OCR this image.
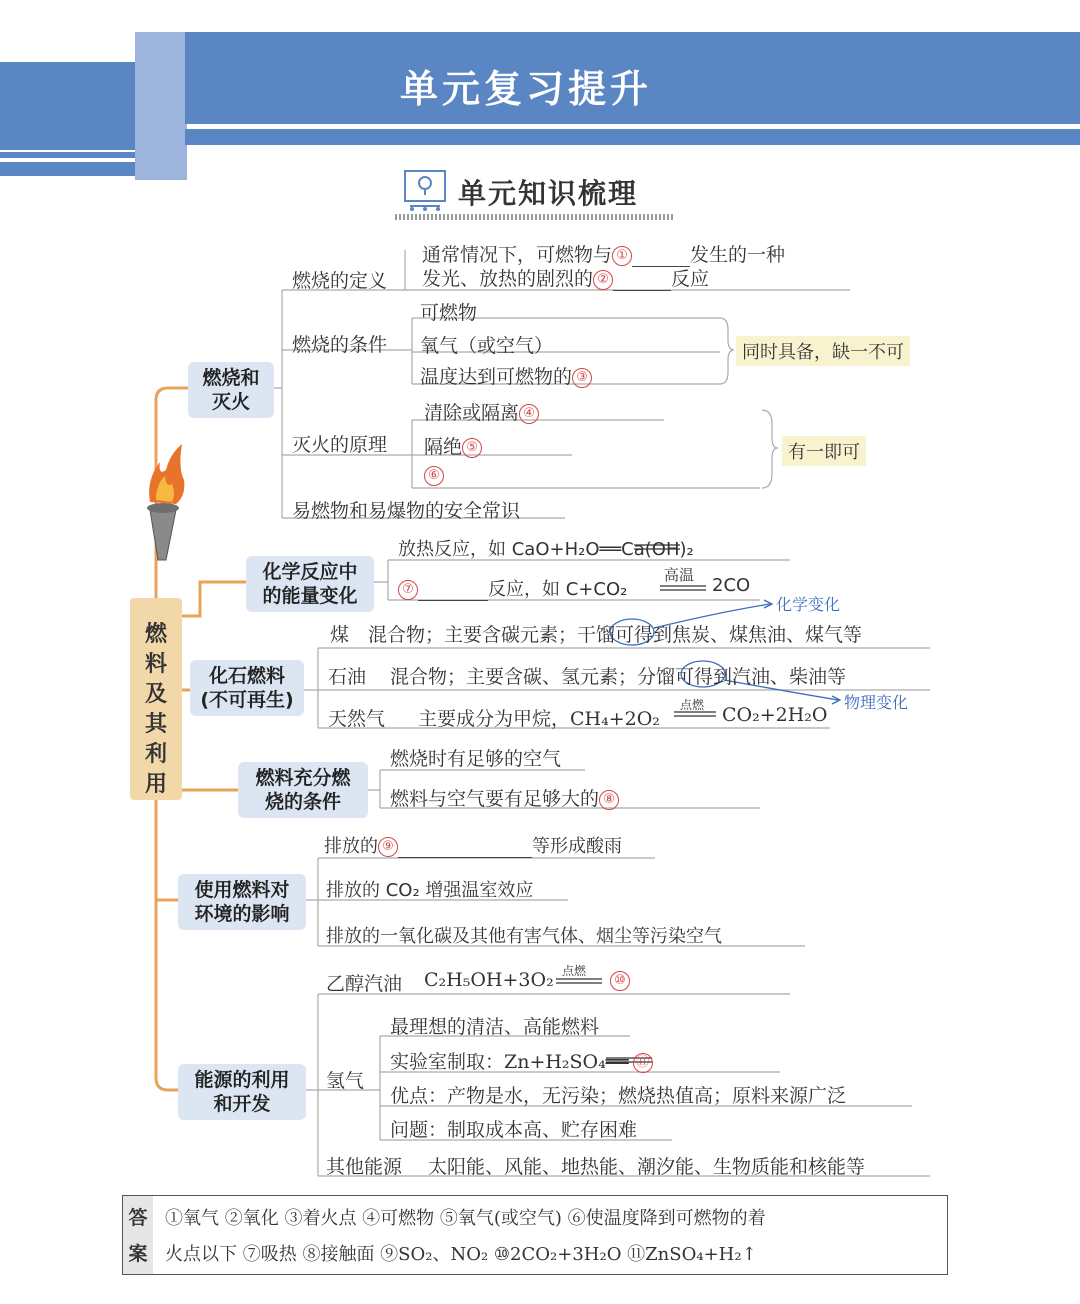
单元复习提升
单元知识梳理
燃料及其利用
燃烧和
灭火
燃烧的定义
通常情况下，可燃物与 ①	发生的一种
发光、放热的剧烈的 ②	反应
燃烧的条件
可燃物
氧气（或空气）
温度达到可燃物的 ③
同时具备，缺一不可
灭火的原理
清除或隔离 ④
隔绝 ⑤
⑥
有一即可
易燃物和易爆物的安全常识
化学反应中
的能量变化
放热反应，如 CaO+H₂O══Ca(OH)₂
⑦	反应，如 C+CO₂
高温 2CO
化石燃料
(不可再生)
煤 混合物；主要含碳元素；干馏可得到焦炭、煤焦油、煤气等
石油 混合物；主要含碳、氢元素；分馏可得到汽油、柴油等
天然气 主要成分为甲烷，CH₄+2O₂
点燃 CO₂+2H₂O
化学变化
物理变化
燃料充分燃
烧的条件
燃烧时有足够的空气
燃料与空气要有足够大的 ⑧
使用燃料对
环境的影响
排放的 ⑨	等形成酸雨
排放的 CO₂ 增强温室效应
排放的一氧化碳及其他有害气体、烟尘等污染空气
能源的利用
和开发
乙醇汽油 C₂H₅OH+3O₂ 点燃
⑩
氢气
最理想的清洁、高能燃料
实验室制取：Zn+H₂SO₄══ ⑪
优点：产物是水，无污染；燃烧热值高；原料来源广泛
问题：制取成本高、贮存困难
其他能源 太阳能、风能、地热能、潮汐能、生物质能和核能等
答
案
①氧气 ②氧化 ③着火点 ④可燃物 ⑤氧气(或空气) ⑥使温度降到可燃物的着
火点以下 ⑦吸热 ⑧接触面 ⑨SO₂、NO₂ ⑩2CO₂+3H₂O ⑪ZnSO₄+H₂↑
